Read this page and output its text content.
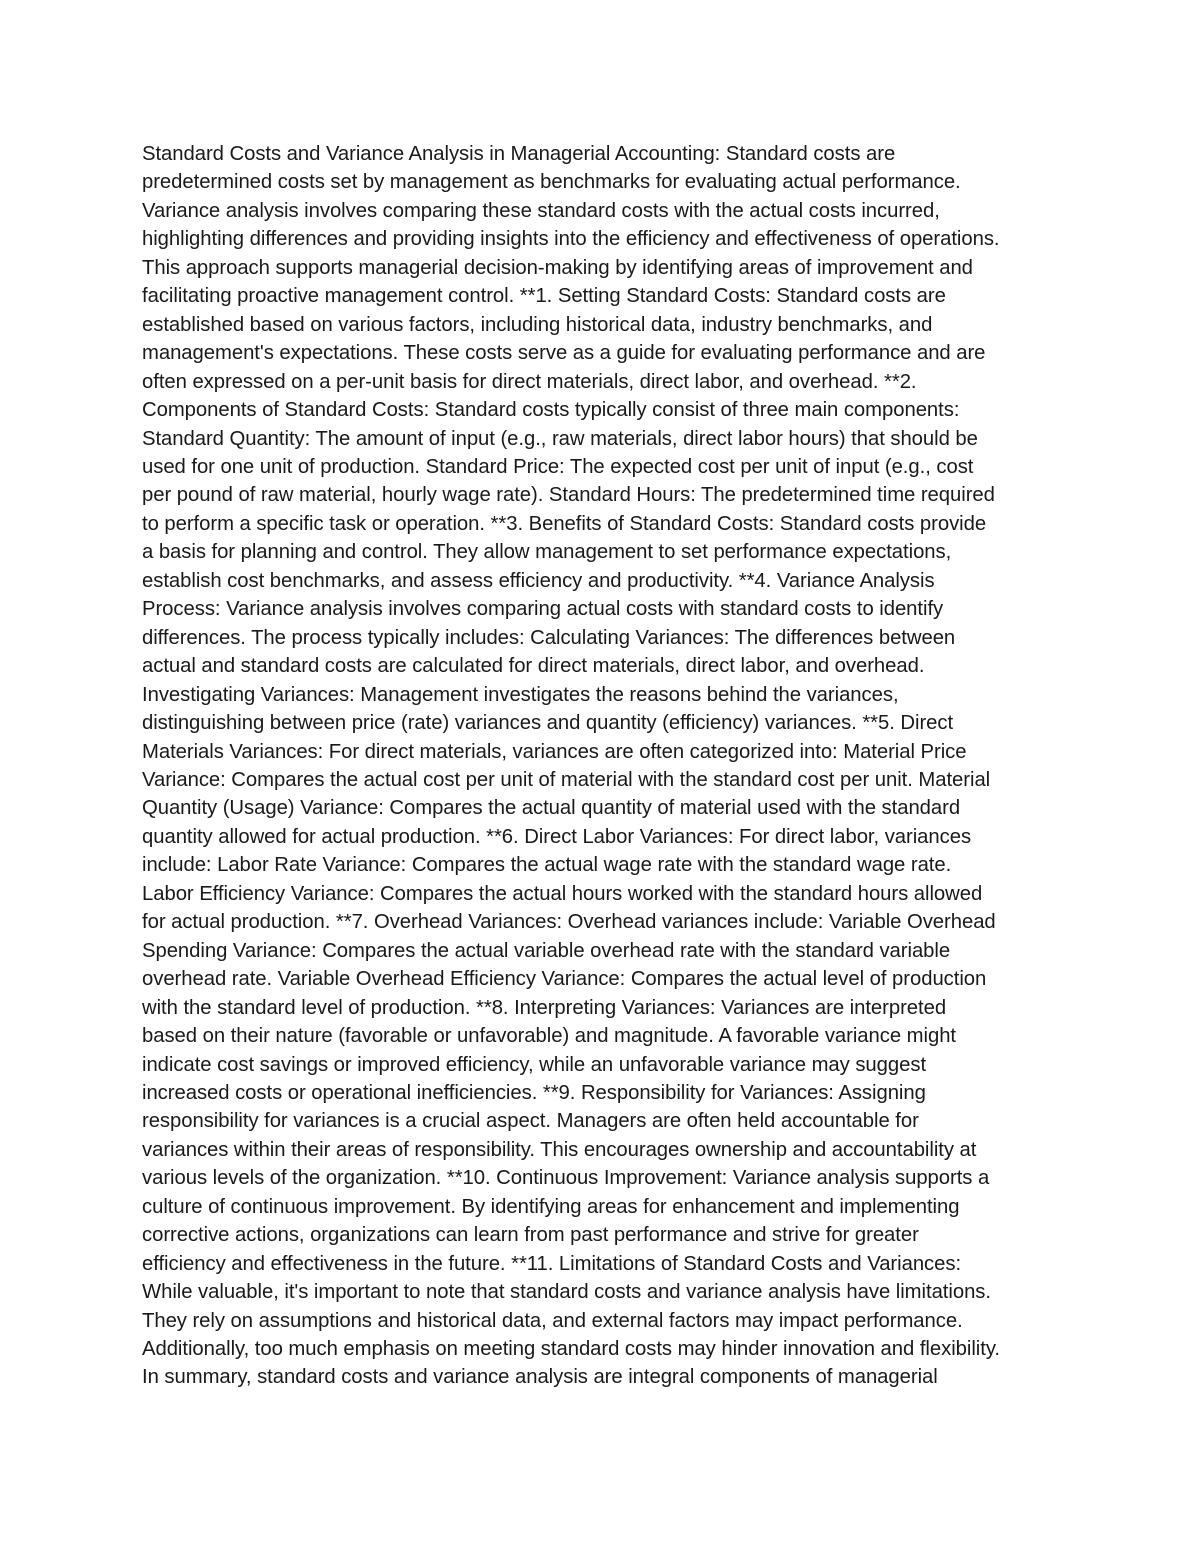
Standard Costs and Variance Analysis in Managerial Accounting: Standard costs are
predetermined costs set by management as benchmarks for evaluating actual performance.
Variance analysis involves comparing these standard costs with the actual costs incurred,
highlighting differences and providing insights into the efficiency and effectiveness of operations.
This approach supports managerial decision-making by identifying areas of improvement and
facilitating proactive management control. **1. Setting Standard Costs: Standard costs are
established based on various factors, including historical data, industry benchmarks, and
management's expectations. These costs serve as a guide for evaluating performance and are
often expressed on a per-unit basis for direct materials, direct labor, and overhead. **2.
Components of Standard Costs: Standard costs typically consist of three main components:
Standard Quantity: The amount of input (e.g., raw materials, direct labor hours) that should be
used for one unit of production. Standard Price: The expected cost per unit of input (e.g., cost
per pound of raw material, hourly wage rate). Standard Hours: The predetermined time required
to perform a specific task or operation. **3. Benefits of Standard Costs: Standard costs provide
a basis for planning and control. They allow management to set performance expectations,
establish cost benchmarks, and assess efficiency and productivity. **4. Variance Analysis
Process: Variance analysis involves comparing actual costs with standard costs to identify
differences. The process typically includes: Calculating Variances: The differences between
actual and standard costs are calculated for direct materials, direct labor, and overhead.
Investigating Variances: Management investigates the reasons behind the variances,
distinguishing between price (rate) variances and quantity (efficiency) variances. **5. Direct
Materials Variances: For direct materials, variances are often categorized into: Material Price
Variance: Compares the actual cost per unit of material with the standard cost per unit. Material
Quantity (Usage) Variance: Compares the actual quantity of material used with the standard
quantity allowed for actual production. **6. Direct Labor Variances: For direct labor, variances
include: Labor Rate Variance: Compares the actual wage rate with the standard wage rate.
Labor Efficiency Variance: Compares the actual hours worked with the standard hours allowed
for actual production. **7. Overhead Variances: Overhead variances include: Variable Overhead
Spending Variance: Compares the actual variable overhead rate with the standard variable
overhead rate. Variable Overhead Efficiency Variance: Compares the actual level of production
with the standard level of production. **8. Interpreting Variances: Variances are interpreted
based on their nature (favorable or unfavorable) and magnitude. A favorable variance might
indicate cost savings or improved efficiency, while an unfavorable variance may suggest
increased costs or operational inefficiencies. **9. Responsibility for Variances: Assigning
responsibility for variances is a crucial aspect. Managers are often held accountable for
variances within their areas of responsibility. This encourages ownership and accountability at
various levels of the organization. **10. Continuous Improvement: Variance analysis supports a
culture of continuous improvement. By identifying areas for enhancement and implementing
corrective actions, organizations can learn from past performance and strive for greater
efficiency and effectiveness in the future. **11. Limitations of Standard Costs and Variances:
While valuable, it's important to note that standard costs and variance analysis have limitations.
They rely on assumptions and historical data, and external factors may impact performance.
Additionally, too much emphasis on meeting standard costs may hinder innovation and flexibility.
In summary, standard costs and variance analysis are integral components of managerial
